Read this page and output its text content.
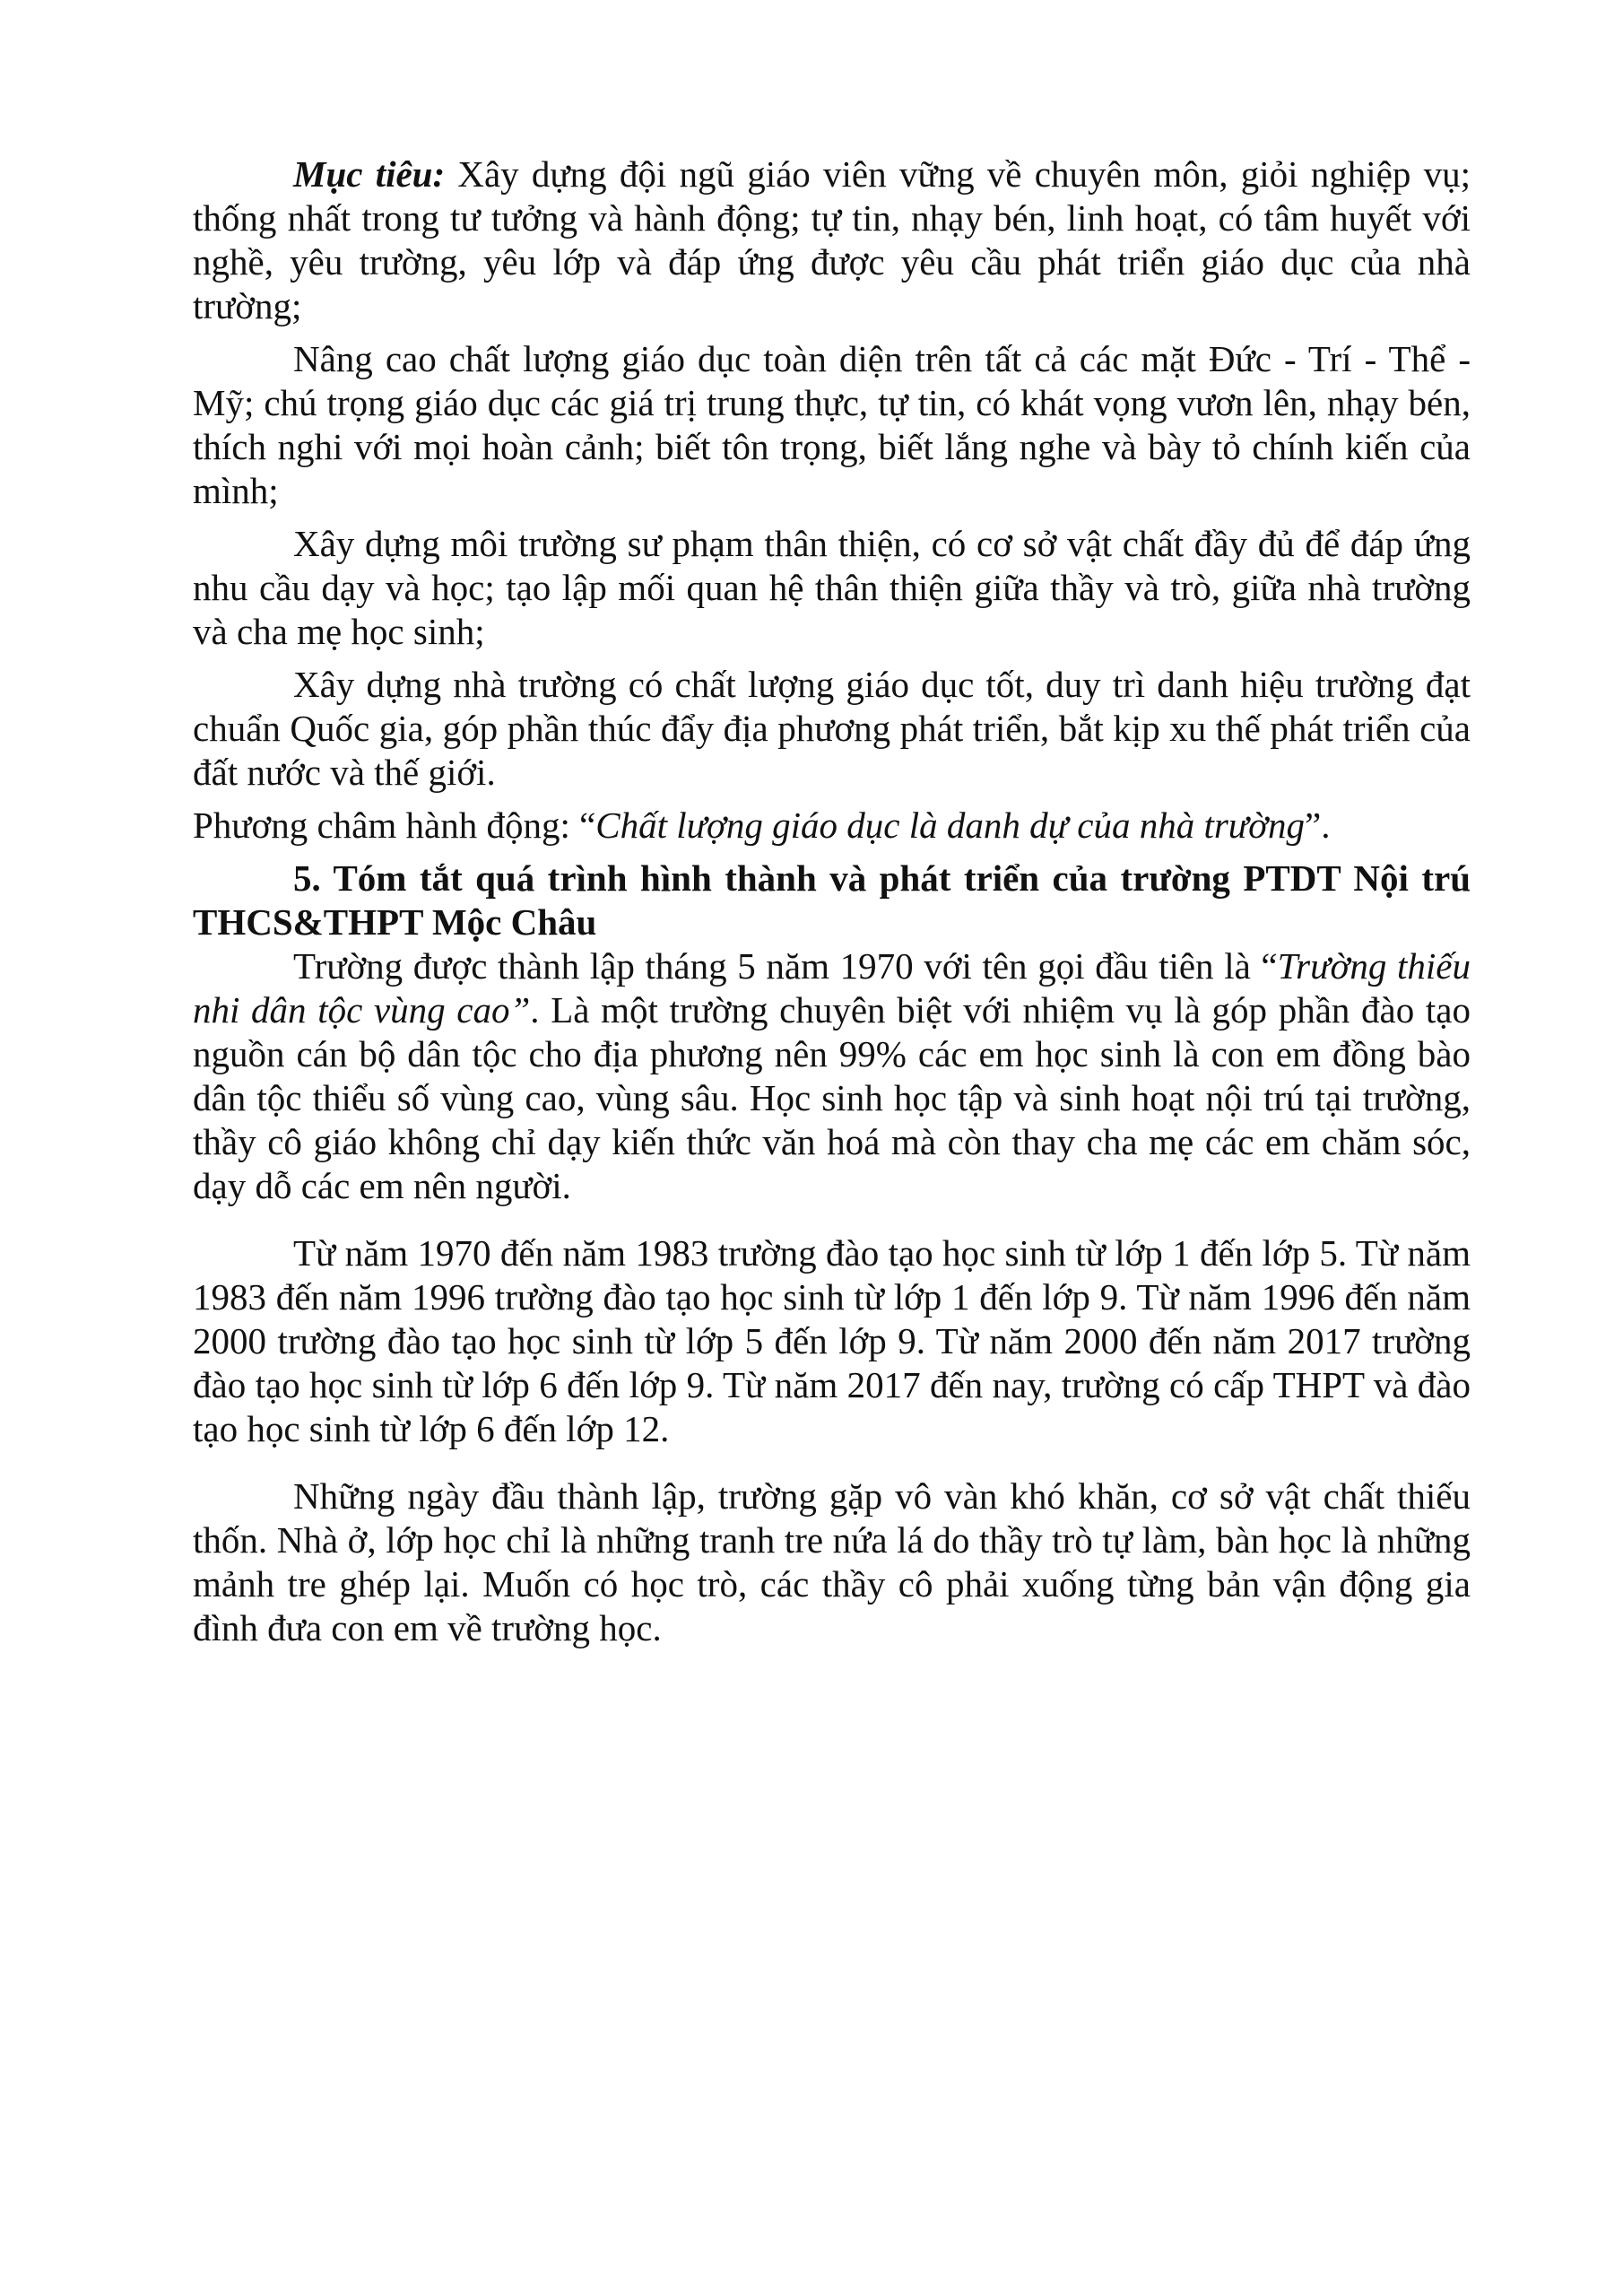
Mục tiêu: Xây dựng đội ngũ giáo viên vững về chuyên môn, giỏi nghiệp vụ; thống nhất trong tư tưởng và hành động; tự tin, nhạy bén, linh hoạt, có tâm huyết với nghề, yêu trường, yêu lớp và đáp ứng được yêu cầu phát triển giáo dục của nhà trường;

Nâng cao chất lượng giáo dục toàn diện trên tất cả các mặt Đức - Trí - Thể - Mỹ; chú trọng giáo dục các giá trị trung thực, tự tin, có khát vọng vươn lên, nhạy bén, thích nghi với mọi hoàn cảnh; biết tôn trọng, biết lắng nghe và bày tỏ chính kiến của mình;

Xây dựng môi trường sư phạm thân thiện, có cơ sở vật chất đầy đủ để đáp ứng nhu cầu dạy và học; tạo lập mối quan hệ thân thiện giữa thầy và trò, giữa nhà trường và cha mẹ học sinh;

Xây dựng nhà trường có chất lượng giáo dục tốt, duy trì danh hiệu trường đạt chuẩn Quốc gia, góp phần thúc đẩy địa phương phát triển, bắt kịp xu thế phát triển của đất nước và thế giới.

Phương châm hành động: “Chất lượng giáo dục là danh dự của nhà trường”.

5. Tóm tắt quá trình hình thành và phát triển của trường PTDT Nội trú THCS&THPT Mộc Châu

Trường được thành lập tháng 5 năm 1970 với tên gọi đầu tiên là “Trường thiếu nhi dân tộc vùng cao”. Là một trường chuyên biệt với nhiệm vụ là góp phần đào tạo nguồn cán bộ dân tộc cho địa phương nên 99% các em học sinh là con em đồng bào dân tộc thiểu số vùng cao, vùng sâu. Học sinh học tập và sinh hoạt nội trú tại trường, thầy cô giáo không chỉ dạy kiến thức văn hoá mà còn thay cha mẹ các em chăm sóc, dạy dỗ các em nên người.

Từ năm 1970 đến năm 1983 trường đào tạo học sinh từ lớp 1 đến lớp 5. Từ năm 1983 đến năm 1996 trường đào tạo học sinh từ lớp 1 đến lớp 9. Từ năm 1996 đến năm 2000 trường đào tạo học sinh từ lớp 5 đến lớp 9. Từ năm 2000 đến năm 2017 trường đào tạo học sinh từ lớp 6 đến lớp 9. Từ năm 2017 đến nay, trường có cấp THPT và đào tạo học sinh từ lớp 6 đến lớp 12.

Những ngày đầu thành lập, trường gặp vô vàn khó khăn, cơ sở vật chất thiếu thốn. Nhà ở, lớp học chỉ là những tranh tre nứa lá do thầy trò tự làm, bàn học là những mảnh tre ghép lại. Muốn có học trò, các thầy cô phải xuống từng bản vận động gia đình đưa con em về trường học.
